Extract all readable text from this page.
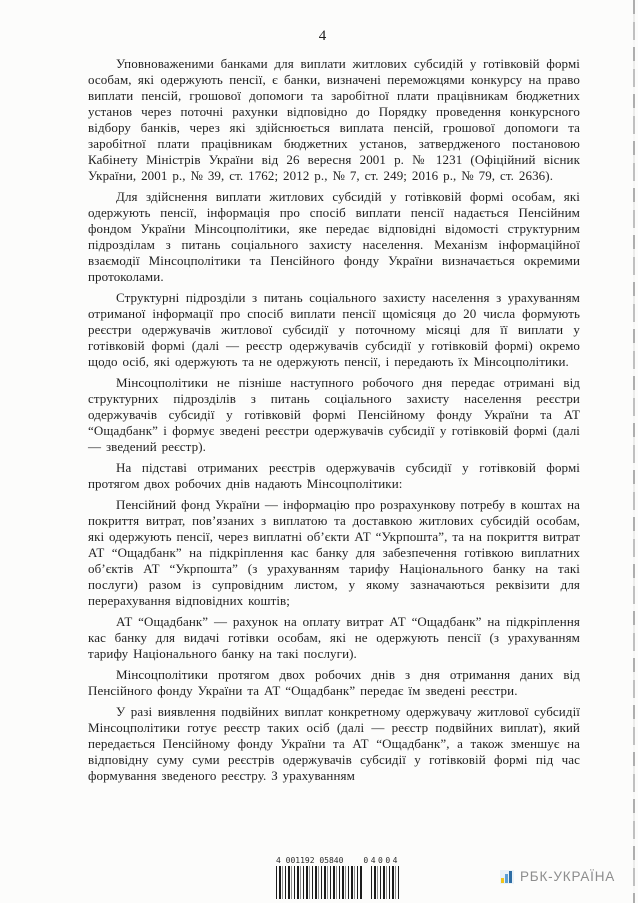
4

Уповноваженими банками для виплати житлових субсидій у готівковій формі особам, які одержують пенсії, є банки, визначені переможцями конкурсу на право виплати пенсій, грошової допомоги та заробітної плати працівникам бюджетних установ через поточні рахунки відповідно до Порядку проведення конкурсного відбору банків, через які здійснюється виплата пенсій, грошової допомоги та заробітної плати працівникам бюджетних установ, затвердженого постановою Кабінету Міністрів України від 26 вересня 2001 р. № 1231 (Офіційний вісник України, 2001 р., № 39, ст. 1762; 2012 р., № 7, ст. 249; 2016 р., № 79, ст. 2636).

Для здійснення виплати житлових субсидій у готівковій формі особам, які одержують пенсії, інформація про спосіб виплати пенсії надається Пенсійним фондом України Мінсоцполітики, яке передає відповідні відомості структурним підрозділам з питань соціального захисту населення. Механізм інформаційної взаємодії Мінсоцполітики та Пенсійного фонду України визначається окремими протоколами.

Структурні підрозділи з питань соціального захисту населення з урахуванням отриманої інформації про спосіб виплати пенсії щомісяця до 20 числа формують реєстри одержувачів житлової субсидії у поточному місяці для її виплати у готівковій формі (далі — реєстр одержувачів субсидії у готівковій формі) окремо щодо осіб, які одержують та не одержують пенсії, і передають їх Мінсоцполітики.

Мінсоцполітики не пізніше наступного робочого дня передає отримані від структурних підрозділів з питань соціального захисту населення реєстри одержувачів субсидії у готівковій формі Пенсійному фонду України та АТ “Ощадбанк” і формує зведені реєстри одержувачів субсидії у готівковій формі (далі — зведений реєстр).

На підставі отриманих реєстрів одержувачів субсидії у готівковій формі протягом двох робочих днів надають Мінсоцполітики:

Пенсійний фонд України — інформацію про розрахункову потребу в коштах на покриття витрат, пов’язаних з виплатою та доставкою житлових субсидій особам, які одержують пенсії, через виплатні об’єкти АТ “Укрпошта”, та на покриття витрат АТ “Ощадбанк” на підкріплення кас банку для забезпечення готівкою виплатних об’єктів АТ “Укрпошта” (з урахуванням тарифу Національного банку на такі послуги) разом із супровідним листом, у якому зазначаються реквізити для перерахування відповідних коштів;

АТ “Ощадбанк” — рахунок на оплату витрат АТ “Ощадбанк” на підкріплення кас банку для видачі готівки особам, які не одержують пенсії (з урахуванням тарифу Національного банку на такі послуги).

Мінсоцполітики протягом двох робочих днів з дня отримання даних від Пенсійного фонду України та АТ “Ощадбанк” передає їм зведені реєстри.

У разі виявлення подвійних виплат конкретному одержувачу житлової субсидії Мінсоцполітики готує реєстр таких осіб (далі — реєстр подвійних виплат), який передається Пенсійному фонду України та АТ “Ощадбанк”, а також зменшує на відповідну суму суми реєстрів одержувачів субсидії у готівковій формі під час формування зведеного реєстру. З урахуванням

4 001192 05840 04004
РБК-УКРАЇНА
